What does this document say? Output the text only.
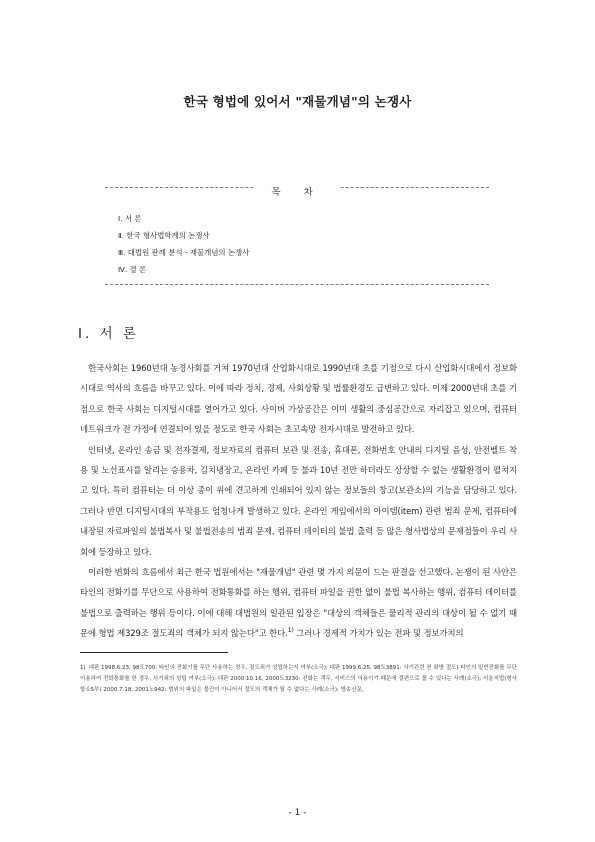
한국 형법에 있어서 "재물개념"의 논쟁사
목 차
Ⅰ. 서 론
Ⅱ. 한국 형사법학계의 논쟁사
Ⅲ. 대법원 판례 분석 - 재물개념의 논쟁사
Ⅳ. 결 론
Ⅰ. 서 론

한국사회는 1960년대 농경사회를 거쳐 1970년대 산업화시대로 1990년대 초를 기점으로 다시 산업화시대에서 정보화시대로 역사의 흐름을 바꾸고 있다. 이에 따라 정치, 경제, 사회상황 및 법률환경도 급변하고 있다. 이제 2000년대 초를 기점으로 한국 사회는 디지털시대를 열어가고 있다. 사이버 가상공간은 이미 생활의 중심공간으로 자리잡고 있으며, 컴퓨터 네트워크가 전 가정에 연결되어 있을 정도로 한국 사회는 초고속망 전자시대로 발전하고 있다.

인터넷, 온라인 송금 및 전자결제, 정보자료의 컴퓨터 보관 및 전송, 휴대폰, 전화번호 안내의 디지털 음성, 안전벨트 착용 및 노선표시를 알리는 승용차, 김치냉장고, 온라인 카페 등 불과 10년 전만 하더라도 상상할 수 없는 생활환경이 펼쳐지고 있다. 특히 컴퓨터는 더 이상 종이 위에 견고하게 인쇄되어 있지 않는 정보들의 창고(보관소)의 기능을 담당하고 있다. 그러나 반면 디지털시대의 부작용도 엄청나게 발생하고 있다. 온라인 게임에서의 아이템(item) 관련 범죄 문제, 컴퓨터에 내장된 자료파일의 불법복사 및 불법전송의 범죄 문제, 컴퓨터 데이터의 불법 출력 등 많은 형사법상의 문제점들이 우리 사회에 등장하고 있다.

이러한 변화의 흐름에서 최근 한국 법원에서는 "재물개념" 관련 몇 가지 의문이 드는 판결을 선고했다. 논쟁이 된 사안은 타인의 전화기를 무단으로 사용하여 전화통화를 하는 행위, 컴퓨터 파일을 권한 없이 불법 복사하는 행위, 컴퓨터 데이터를 불법으로 출력하는 행위 등이다. 이에 대해 대법원의 일관된 입장은 "대상의 객체들은 물리적 관리의 대상이 될 수 없기 때문에 형법 제329조 절도죄의 객체가 되지 않는다"고 한다.$^{1)}$ 그러나 경제적 가치가 있는 전파 및 정보가치의

1) 대판 1998.6.23, 98도700: 타인의 전화기를 무단 사용하는 경우, 절도죄가 성립하는지 여부(소극); 대판 1999.6.25, 98도3891: 사기관련 전 화방 절도) 타인의 일반전화를 무단 이용하여 전화통화를 한 경우, 사기죄의 성립 여부(소극): 대판 2000.10.16, 2000도3230: 전화는 객무, 서비스의 이용이기 때문에 절편으로 볼 수 있다는 사례(소극); 서울지법(형사항소5부) 2000.7.18, 2001노942: 범위의 파일은 물건이 아니어서 절도의 객체가 될 수 없다는 사례(소극): 방송신문,
- 1 -
